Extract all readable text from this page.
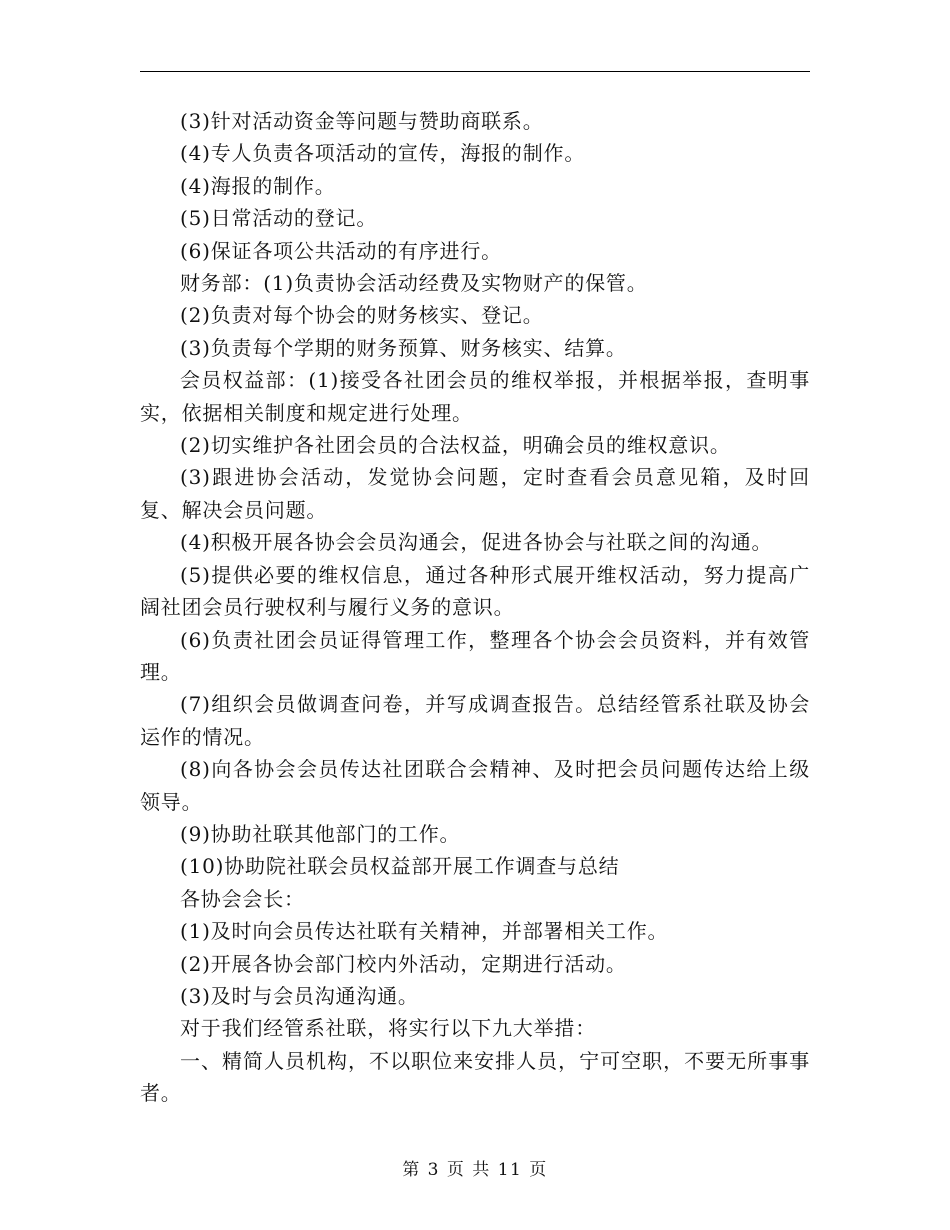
(3)针对活动资金等问题与赞助商联系。

(4)专人负责各项活动的宣传，海报的制作。

(4)海报的制作。

(5)日常活动的登记。

(6)保证各项公共活动的有序进行。

财务部：(1)负责协会活动经费及实物财产的保管。

(2)负责对每个协会的财务核实、登记。

(3)负责每个学期的财务预算、财务核实、结算。

会员权益部：(1)接受各社团会员的维权举报，并根据举报，查明事实，依据相关制度和规定进行处理。

(2)切实维护各社团会员的合法权益，明确会员的维权意识。

(3)跟进协会活动，发觉协会问题，定时查看会员意见箱，及时回复、解决会员问题。

(4)积极开展各协会会员沟通会，促进各协会与社联之间的沟通。

(5)提供必要的维权信息，通过各种形式展开维权活动，努力提高广阔社团会员行驶权利与履行义务的意识。

(6)负责社团会员证得管理工作，整理各个协会会员资料，并有效管理。

(7)组织会员做调查问卷，并写成调查报告。总结经管系社联及协会运作的情况。

(8)向各协会会员传达社团联合会精神、及时把会员问题传达给上级领导。

(9)协助社联其他部门的工作。

(10)协助院社联会员权益部开展工作调查与总结

各协会会长：

(1)及时向会员传达社联有关精神，并部署相关工作。

(2)开展各协会部门校内外活动，定期进行活动。

(3)及时与会员沟通沟通。

对于我们经管系社联，将实行以下九大举措：

一、精简人员机构，不以职位来安排人员，宁可空职，不要无所事事者。

第 3 页 共 11 页
